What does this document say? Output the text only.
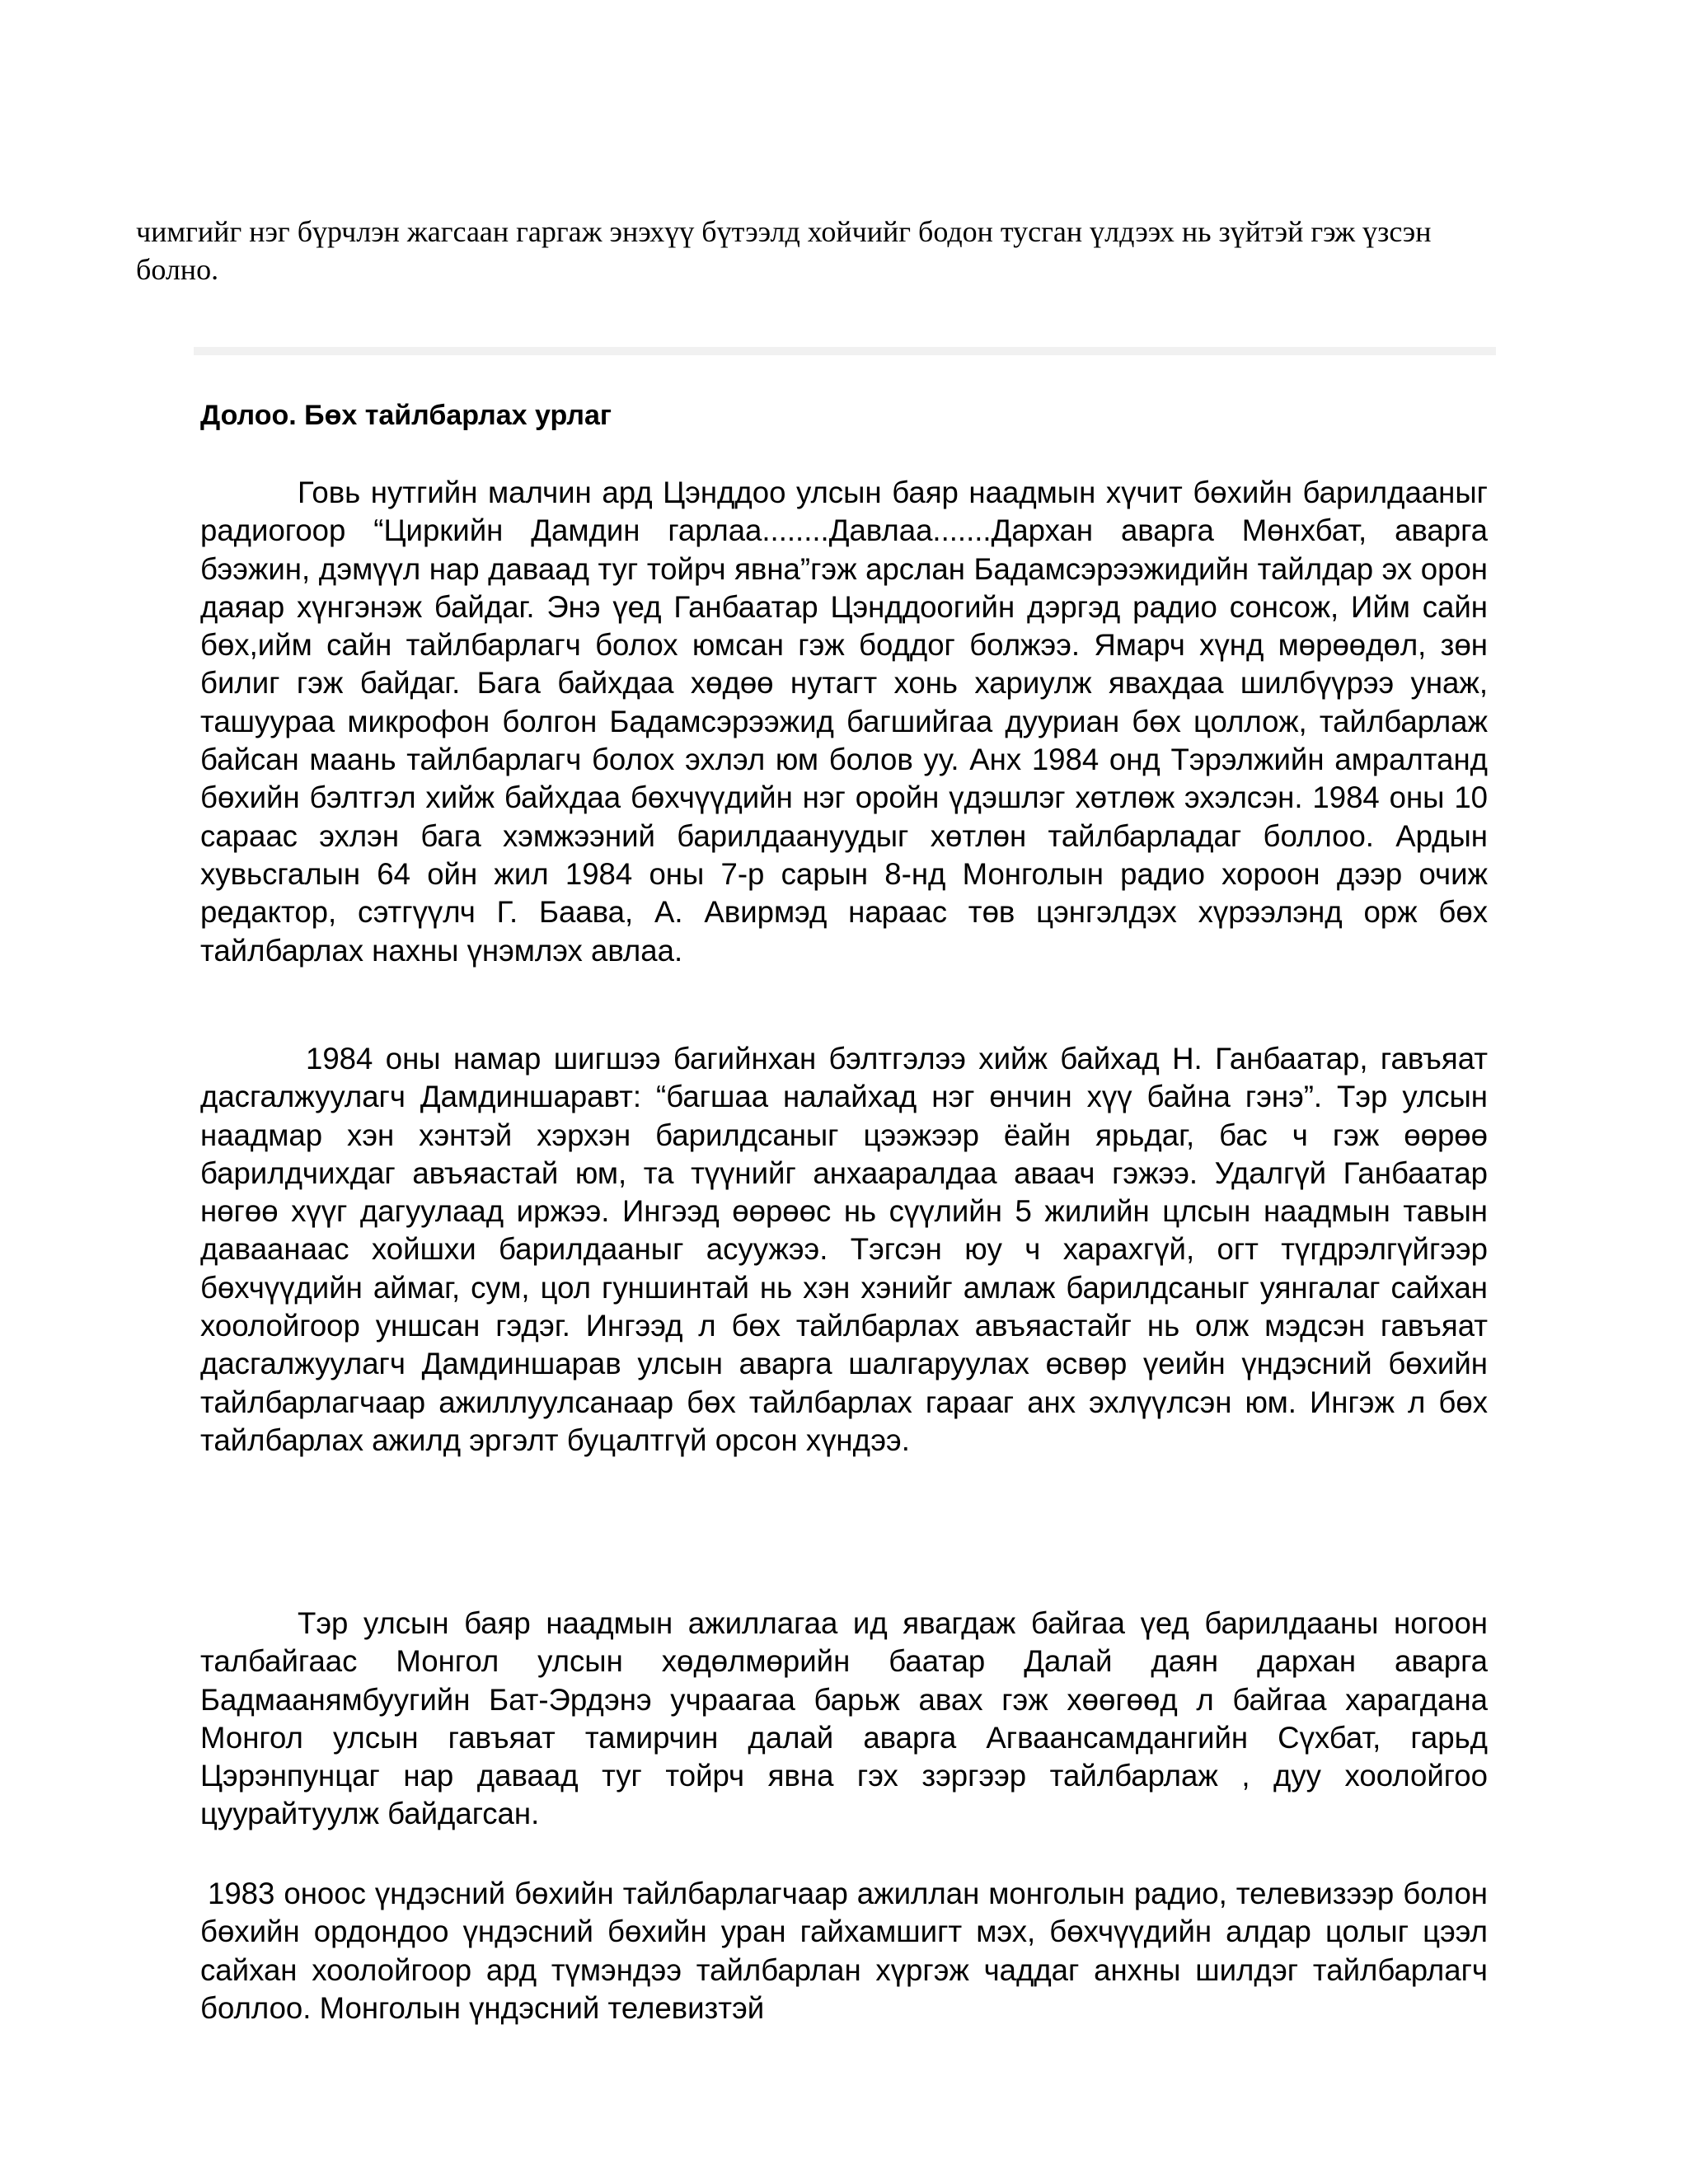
чимгийг нэг бүрчлэн жагсаан гаргаж энэхүү бүтээлд хойчийг бодон тусган үлдээх нь зүйтэй гэж үзсэн болно.

Долоо. Бөх тайлбарлах урлаг

Говь нутгийн малчин ард Цэнддоо улсын баяр наадмын хүчит бөхийн барилдааныг радиогоор “Циркийн Дамдин гарлаа........Давлаа.......Дархан аварга Мөнхбат, аварга бээжин, дэмүүл нар даваад туг тойрч явна”гэж арслан Бадамсэрээжидийн тайлдар эх орон даяар хүнгэнэж байдаг. Энэ үед Ганбаатар Цэнддоогийн дэргэд радио сонсож, Ийм сайн бөх,ийм сайн тайлбарлагч болох юмсан гэж боддог болжээ. Ямарч хүнд мөрөөдөл, зөн билиг гэж байдаг. Бага байхдаа хөдөө нутагт хонь хариулж явахдаа шилбүүрээ унаж, ташуураа микрофон болгон Бадамсэрээжид багшийгаа дууриан бөх цоллож, тайлбарлаж байсан маань тайлбарлагч болох эхлэл юм болов уу. Анх 1984 онд Тэрэлжийн амралтанд бөхийн бэлтгэл хийж байхдаа бөхчүүдийн нэг оройн үдэшлэг хөтлөж эхэлсэн. 1984 оны 10 сараас эхлэн бага хэмжээний барилдаануудыг хөтлөн тайлбарладаг боллоо. Ардын хувьсгалын 64 ойн жил 1984 оны 7-р сарын 8-нд Монголын радио хороон дээр очиж редактор, сэтгүүлч Г. Баава, А. Авирмэд нараас төв цэнгэлдэх хүрээлэнд орж бөх тайлбарлах нахны үнэмлэх авлаа.

1984 оны намар шигшээ багийнхан бэлтгэлээ хийж байхад Н. Ганбаатар, гавъяат дасгалжуулагч Дамдиншаравт: “багшаа налайхад нэг өнчин хүү байна гэнэ”. Тэр улсын наадмар хэн хэнтэй хэрхэн барилдсаныг цээжээр ёайн ярьдаг, бас ч гэж өөрөө барилдчихдаг авъяастай юм, та түүнийг анхааралдаа аваач гэжээ. Удалгүй Ганбаатар нөгөө хүүг дагуулаад иржээ. Ингээд өөрөөс нь сүүлийн 5 жилийн цлсын наадмын тавын даваанаас хойшхи барилдааныг асуужээ. Тэгсэн юу ч харахгүй, огт түгдрэлгүйгээр бөхчүүдийн аймаг, сум, цол гуншинтай нь хэн хэнийг амлаж барилдсаныг уянгалаг сайхан хоолойгоор уншсан гэдэг. Ингээд л бөх тайлбарлах авъяастайг нь олж мэдсэн гавъяат дасгалжуулагч Дамдиншарав улсын аварга шалгаруулах өсвөр үеийн үндэсний бөхийн тайлбарлагчаар ажиллуулсанаар бөх тайлбарлах гарааг анх эхлүүлсэн юм. Ингэж л бөх тайлбарлах ажилд эргэлт буцалтгүй орсон хүндээ.

Тэр улсын баяр наадмын ажиллагаа ид явагдаж байгаа үед барилдааны ногоон талбайгаас Монгол улсын хөдөлмөрийн баатар Далай даян дархан аварга Бадмаанямбуугийн Бат-Эрдэнэ учраагаа барьж авах гэж хөөгөөд л байгаа харагдана Монгол улсын гавъяат тамирчин далай аварга Агваансамдангийн Сүхбат, гарьд Цэрэнпунцаг нар даваад туг тойрч явна гэх зэргээр тайлбарлаж , дуу хоолойгоо цуурайтуулж байдагсан.

1983 оноос үндэсний бөхийн тайлбарлагчаар ажиллан монголын радио, телевизээр болон бөхийн ордондоо үндэсний бөхийн уран гайхамшигт мэх, бөхчүүдийн алдар цолыг цээл сайхан хоолойгоор ард түмэндээ тайлбарлан хүргэж чаддаг анхны шилдэг тайлбарлагч боллоо. Монголын үндэсний телевизтэй
